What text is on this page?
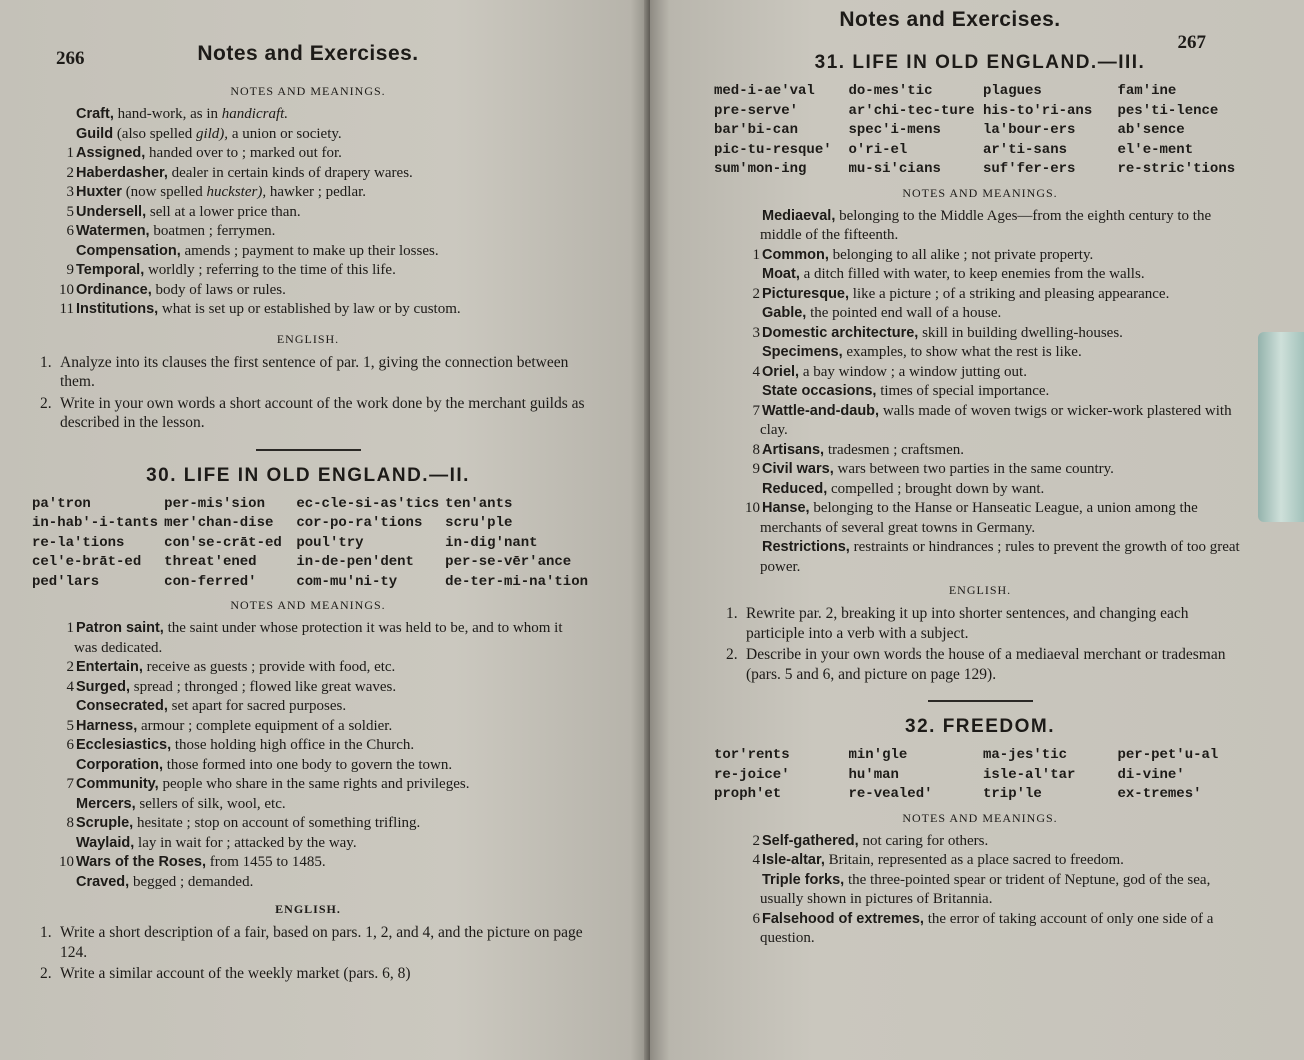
266	Notes and Exercises.
NOTES AND MEANINGS.
Craft, hand-work, as in handicraft.
Guild (also spelled gild), a union or society.
1 Assigned, handed over to ; marked out for.
2 Haberdasher, dealer in certain kinds of drapery wares.
3 Huxter (now spelled huckster), hawker ; pedlar.
5 Undersell, sell at a lower price than.
6 Watermen, boatmen ; ferrymen.
Compensation, amends ; payment to make up their losses.
9 Temporal, worldly ; referring to the time of this life.
10 Ordinance, body of laws or rules.
11 Institutions, what is set up or established by law or by custom.
ENGLISH.
1. Analyze into its clauses the first sentence of par. 1, giving the connection between them.
2. Write in your own words a short account of the work done by the merchant guilds as described in the lesson.
30. LIFE IN OLD ENGLAND.—II.
pa'tron
in-hab'-i-tants
re-la'tions
cel'e-brāt-ed
ped'lars
per-mis'sion
mer'chan-dise
con'se-crāt-ed
threat'ened
con-ferred'
ec-cle-si-as'tics
cor-po-ra'tions
poul'try
in-de-pen'dent
com-mu'ni-ty
ten'ants
scru'ple
in-dig'nant
per-se-vēr'ance
de-ter-mi-na'tion
NOTES AND MEANINGS.
1 Patron saint, the saint under whose protection it was held to be, and to whom it was dedicated.
2 Entertain, receive as guests ; provide with food, etc.
4 Surged, spread ; thronged ; flowed like great waves.
Consecrated, set apart for sacred purposes.
5 Harness, armour ; complete equipment of a soldier.
6 Ecclesiastics, those holding high office in the Church.
Corporation, those formed into one body to govern the town.
7 Community, people who share in the same rights and privileges.
Mercers, sellers of silk, wool, etc.
8 Scruple, hesitate ; stop on account of something trifling.
Waylaid, lay in wait for ; attacked by the way.
10 Wars of the Roses, from 1455 to 1485.
Craved, begged ; demanded.
ENGLISH.
1. Write a short description of a fair, based on pars. 1, 2, and 4, and the picture on page 124.
2. Write a similar account of the weekly market (pars. 6, 8)
Notes and Exercises.
267
31. LIFE IN OLD ENGLAND.—III.
med-i-ae'val
pre-serve'
bar'bi-can
pic-tu-resque'
sum'mon-ing
do-mes'tic
ar'chi-tec-ture
spec'i-mens
o'ri-el
mu-si'cians
plagues
his-to'ri-ans
la'bour-ers
ar'ti-sans
suf'fer-ers
fam'ine
pes'ti-lence
ab'sence
el'e-ment
re-stric'tions
NOTES AND MEANINGS.
Mediaeval, belonging to the Middle Ages—from the eighth century to the middle of the fifteenth.
1 Common, belonging to all alike ; not private property.
Moat, a ditch filled with water, to keep enemies from the walls.
2 Picturesque, like a picture ; of a striking and pleasing appearance.
Gable, the pointed end wall of a house.
3 Domestic architecture, skill in building dwelling-houses.
Specimens, examples, to show what the rest is like.
4 Oriel, a bay window ; a window jutting out.
State occasions, times of special importance.
7 Wattle-and-daub, walls made of woven twigs or wicker-work plastered with clay.
8 Artisans, tradesmen ; craftsmen.
9 Civil wars, wars between two parties in the same country.
Reduced, compelled ; brought down by want.
10 Hanse, belonging to the Hanse or Hanseatic League, a union among the merchants of several great towns in Germany.
Restrictions, restraints or hindrances ; rules to prevent the growth of too great power.
ENGLISH.
1. Rewrite par. 2, breaking it up into shorter sentences, and changing each participle into a verb with a subject.
2. Describe in your own words the house of a mediaeval merchant or tradesman (pars. 5 and 6, and picture on page 129).
32. FREEDOM.
tor'rents
re-joice'
proph'et
min'gle
hu'man
re-vealed'
ma-jes'tic
isle-al'tar
trip'le
per-pet'u-al
di-vine'
ex-tremes'
NOTES AND MEANINGS.
2 Self-gathered, not caring for others.
4 Isle-altar, Britain, represented as a place sacred to freedom.
Triple forks, the three-pointed spear or trident of Neptune, god of the sea, usually shown in pictures of Britannia.
6 Falsehood of extremes, the error of taking account of only one side of a question.
